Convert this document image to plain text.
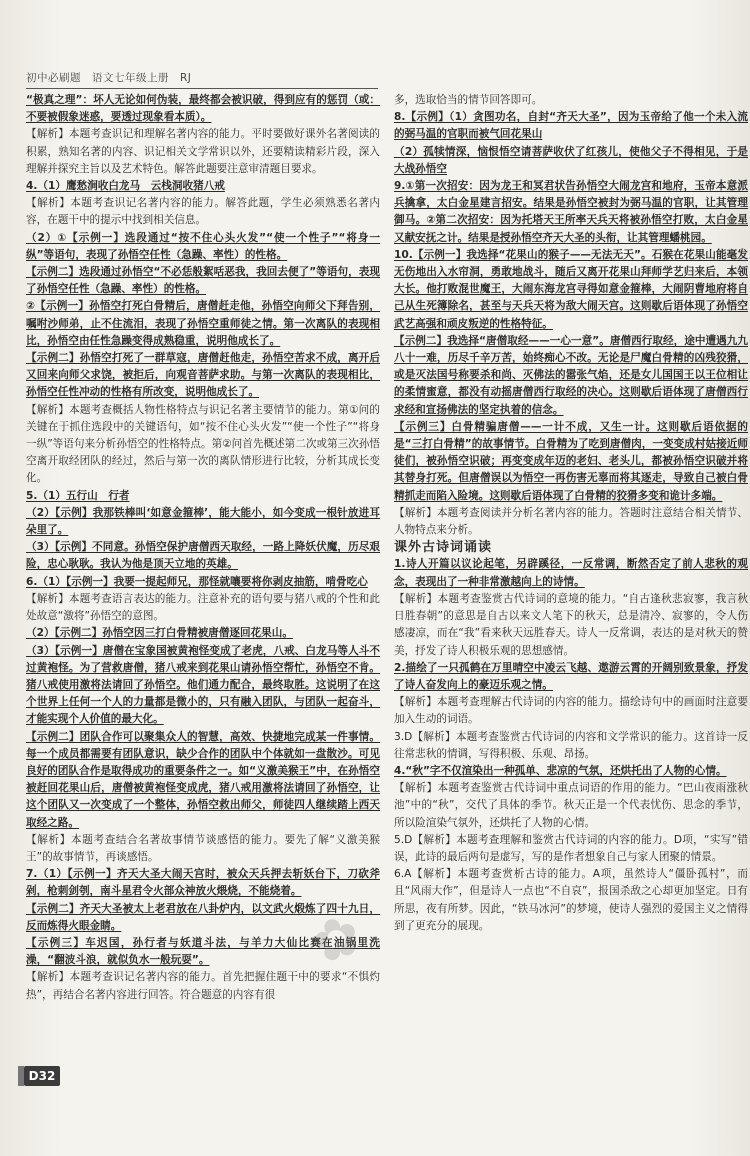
初中必刷题　语文七年级上册　RJ

“极真之理”：坏人无论如何伪装，最终都会被识破，得到应有的惩罚（或：不要被假象迷惑，要透过现象看本质）。

【解析】本题考查识记和理解名著内容的能力。平时要做好课外名著阅读的积累，熟知名著的内容、识记相关文学常识以外，还要精读精彩片段，深入理解并探究主旨以及艺术特色。解答此题要注意审清题目要求。

4.（1）鹰愁涧收白龙马　云栈洞收猪八戒

【解析】本题考查识记名著内容的能力。解答此题，学生必须熟悉名著内容，在题干中的提示中找到相关信息。

（2）①【示例一】选段通过“按不住心头火发”“使一个性子”“将身一纵”等语句，表现了孙悟空任性（急躁、率性）的性格。

【示例二】选段通过孙悟空“不必恁般絮咶恶我，我回去便了”等语句，表现了孙悟空任性（急躁、率性）的性格。

②【示例一】孙悟空打死白骨精后，唐僧赶走他，孙悟空向师父下拜告别，嘱咐沙师弟，止不住流泪，表现了孙悟空重师徒之情。第一次离队的表现相比，孙悟空由任性急躁变得成熟稳重，说明他成长了。

【示例二】孙悟空打死了一群草寇，唐僧赶他走，孙悟空苦求不成，离开后又回来向师父求饶，被拒后，向观音菩萨求助。与第一次离队的表现相比，孙悟空任性冲动的性格有所改变，说明他成长了。

【解析】本题考查概括人物性格特点与识记名著主要情节的能力。第①问的关键在于抓住选段中的关键语句，如“按不住心头火发”“使一个性子”“将身一纵”等语句来分析孙悟空的性格特点。第②问首先概述第二次或第三次孙悟空离开取经团队的经过，然后与第一次的离队情形进行比较，分析其成长变化。

5.（1）五行山　行者

（2）【示例】我那铁棒叫‘如意金箍棒’，能大能小，如今变成一根针放进耳朵里了。

（3）【示例】不同意。孙悟空保护唐僧西天取经，一路上降妖伏魔，历尽艰险，忠心耿耿。我认为他是顶天立地的英雄。

6.（1）【示例一】我要一提起师兄，那怪就嚷要将你剥皮抽筋，啃骨吃心

【解析】本题考查语言表达的能力。注意补充的语句要与猪八戒的个性和此处故意“激将”孙悟空的意图。

（2）【示例二】孙悟空因三打白骨精被唐僧逐回花果山。

（3）【示例一】唐僧在宝象国被黄袍怪变成了老虎，八戒、白龙马等人斗不过黄袍怪。为了营救唐僧，猪八戒来到花果山请孙悟空帮忙，孙悟空不肯。猪八戒使用激将法请回了孙悟空。他们通力配合，最终取胜。这说明了在这个世界上任何一个人的力量都是微小的，只有融入团队，与团队一起奋斗，才能实现个人价值的最大化。

【示例二】团队合作可以聚集众人的智慧，高效、快捷地完成某一件事情。每一个成员都需要有团队意识，缺少合作的团队中个体就如一盘散沙。可见良好的团队合作是取得成功的重要条件之一。如“义激美猴王”中，在孙悟空被赶回花果山后，唐僧被黄袍怪变成虎，猪八戒用激将法请回了孙悟空，让这个团队又一次变成了一个整体，孙悟空救出师父，师徒四人继续踏上西天取经之路。

【解析】本题考查结合名著故事情节谈感悟的能力。要先了解“义激美猴王”的故事情节，再谈感悟。

7.（1）【示例一】齐天大圣大闹天宫时，被众天兵押去斩妖台下，刀砍斧剁，枪刺剑刳，南斗星君令火部众神放火煨烧，不能烧着。

【示例二】齐天大圣被太上老君放在八卦炉内，以文武火煅炼了四十九日，反而炼得火眼金睛。

【示例三】车迟国，孙行者与妖道斗法，与羊力大仙比赛在油锅里洗澡，“翻波斗浪，就似负水一般玩耍”。

【解析】本题考查识记名著内容的能力。首先把握住题干中的要求“不惧灼热”，再结合名著内容进行回答。符合题意的内容有很

多，选取恰当的情节回答即可。

8.【示例】（1）贪图功名，自封“齐天大圣”，因为玉帝给了他一个未入流的弼马温的官职而被气回花果山

（2）孤犊情深，恼恨悟空请菩萨收伏了红孩儿，使他父子不得相见，于是大战孙悟空

9.①第一次招安：因为龙王和冥君状告孙悟空大闹龙宫和地府，玉帝本意派兵擒拿，太白金星建言招安。结果是孙悟空被封为弼马温的官职，让其管理御马。②第二次招安：因为托塔天王所率天兵天将被孙悟空打败，太白金星又献安抚之计。结果是授孙悟空齐天大圣的头衔，让其管理蟠桃园。

10.【示例一】我选择“花果山的猴子——无法无天”。石猴在花果山能毫发无伤地出入水帘洞，勇敢地战斗，随后又离开花果山拜师学艺归来后，本领大长。他打败混世魔王，大闹东海龙宫寻得如意金箍棒，大闹阴曹地府将自己从生死簿除名，甚至与天兵天将为敌大闹天宫。这则歇后语体现了孙悟空武艺高强和顽皮叛逆的性格特征。

【示例二】我选择“唐僧取经——一心一意”。唐僧西行取经，途中遭遇九九八十一难，历尽千辛万苦，始终痴心不改。无论是尸魔白骨精的凶残狡猾，或是灭法国号称要杀和尚、灭佛法的嚣张气焰，还是女儿国国王以王位相让的柔情蜜意，都没有动摇唐僧西行取经的决心。这则歇后语体现了唐僧西行求经和宣扬佛法的坚定执着的信念。

【示例三】白骨精骗唐僧——一计不成，又生一计。这则歇后语依据的是“三打白骨精”的故事情节。白骨精为了吃到唐僧肉，一变变成村姑接近师徒们，被孙悟空识破；再变变成年迈的老妇、老头儿，都被孙悟空识破并将其替身打死。但唐僧误以为悟空一再伤害无辜而将其逐走，导致自己被白骨精抓走而陷入险境。这则歇后语体现了白骨精的狡猾多变和诡计多端。

【解析】本题考查阅读并分析名著内容的能力。答题时注意结合相关情节、人物特点来分析。

课外古诗词诵读

1.诗人开篇以议论起笔，另辟蹊径，一反常调，断然否定了前人悲秋的观念，表现出了一种非常激越向上的诗情。

【解析】本题考查鉴赏古代诗词的意境的能力。“自古逢秋悲寂寥，我言秋日胜春朝”的意思是自古以来文人笔下的秋天，总是清冷、寂寥的，令人伤感凄凉，而在“我”看来秋天远胜春天。诗人一反常调，表达的是对秋天的赞美，抒发了诗人积极乐观的思想感情。

2.描绘了一只孤鹤在万里晴空中凌云飞越、遨游云霄的开阔别致景象，抒发了诗人奋发向上的豪迈乐观之情。

【解析】本题考查理解古代诗词的内容的能力。描绘诗句中的画面时注意要加入生动的词语。

3.D【解析】本题考查鉴赏古代诗词的内容和文学常识的能力。这首诗一反往常悲秋的情调，写得积极、乐观、昂扬。

4.“秋”字不仅渲染出一种孤单、悲凉的气氛，还烘托出了人物的心情。

【解析】本题考查鉴赏古代诗词中重点词语的作用的能力。“巴山夜雨涨秋池”中的“秋”，交代了具体的季节。秋天正是一个代表忧伤、思念的季节，所以险渲染气氛外，还烘托了人物的心情。

5.D【解析】本题考查理解和鉴赏古代诗词的内容的能力。D项，“实写”错误，此诗的最后两句是虚写，写的是作者想象自己与家人团聚的情景。

6.A【解析】本题考查赏析古诗的能力。A项，虽然诗人“僵卧孤村”，而且“风雨大作”，但是诗人一点也“不自哀”，报国杀敌之心却更加坚定。日有所思，夜有所梦。因此，“铁马冰河”的梦境，使诗人强烈的爱国主义之情得到了更充分的展现。

✿
D32
